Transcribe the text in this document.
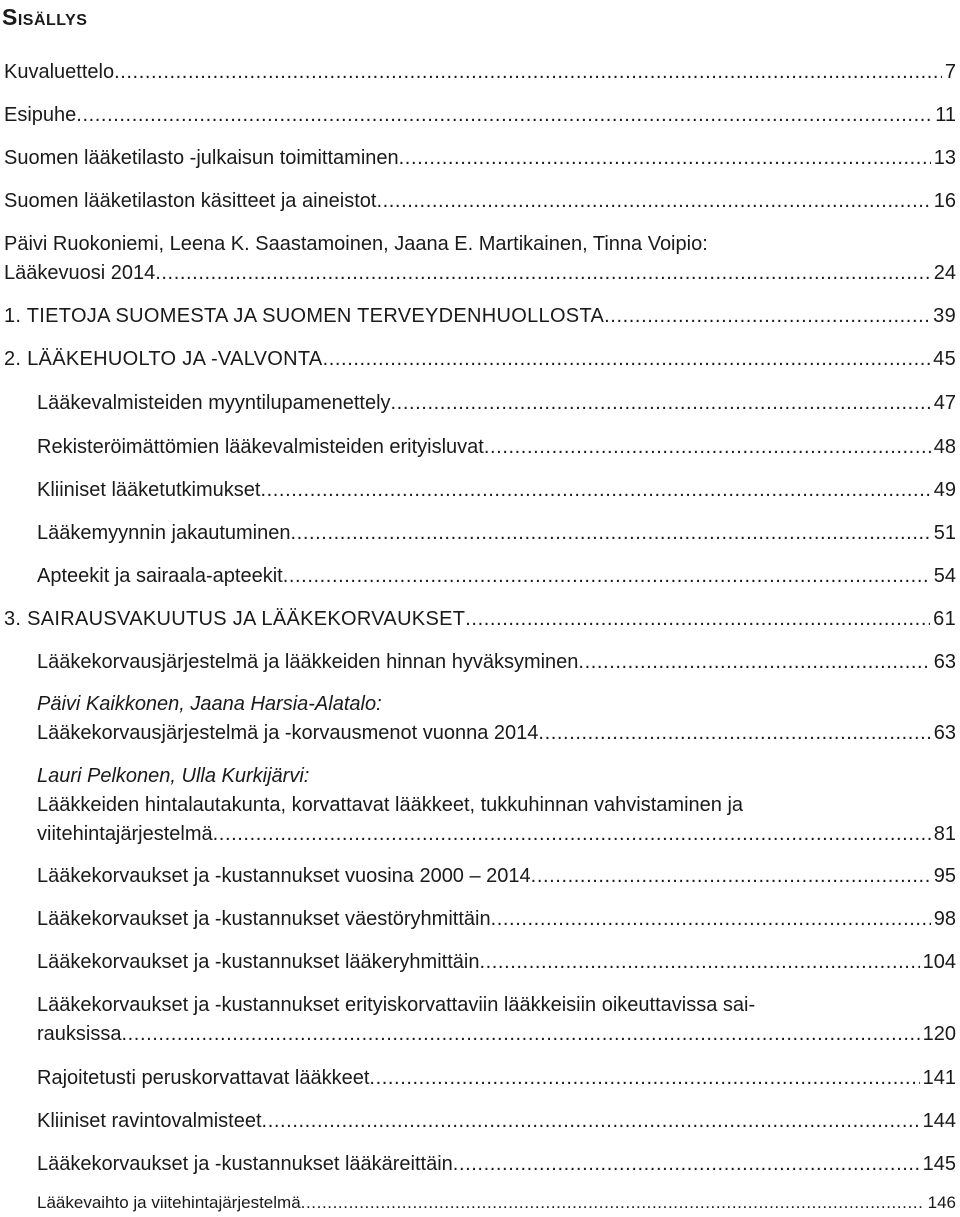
Sisällys
Kuvaluettelo .....	7
Esipuhe .....	11
Suomen lääketilasto -julkaisun toimittaminen .....	13
Suomen lääketilaston käsitteet ja aineistot .....	16
Päivi Ruokoniemi, Leena K. Saastamoinen, Jaana E. Martikainen, Tinna Voipio:
Lääkevuosi 2014 .....	24
1. TIETOJA SUOMESTA JA SUOMEN TERVEYDENHUOLLOSTA .....	39
2. LÄÄKEHUOLTO JA -VALVONTA .....	45
Lääkevalmisteiden myyntilupamenettely .....	47
Rekisteröimättömien lääkevalmisteiden erityisluvat .....	48
Kliiniset lääketutkimukset .....	49
Lääkemyynnin jakautuminen .....	51
Apteekit ja sairaala-apteekit .....	54
3. SAIRAUSVAKUUTUS JA LÄÄKEKORVAUKSET .....	61
Lääkekorvausjärjestelmä ja lääkkeiden hinnan hyväksyminen .....	63
Päivi Kaikkonen, Jaana Harsia-Alatalo:
Lääkekorvausjärjestelmä ja -korvausmenot vuonna 2014 .....	63
Lauri Pelkonen, Ulla Kurkijärvi:
Lääkkeiden hintalautakunta, korvattavat lääkkeet, tukkuhinnan vahvistaminen ja
viitehintajärjestelmä .....	81
Lääkekorvaukset ja -kustannukset vuosina 2000 – 2014 .....	95
Lääkekorvaukset ja -kustannukset väestöryhmittäin .....	98
Lääkekorvaukset ja -kustannukset lääkeryhmittäin .....	104
Lääkekorvaukset ja -kustannukset erityiskorvattaviin lääkkeisiin oikeuttavissa sai-
rauksissa .....	120
Rajoitetusti peruskorvattavat lääkkeet .....	141
Kliiniset ravintovalmisteet .....	144
Lääkekorvaukset ja -kustannukset lääkäreittäin .....	145
Lääkevaihto ja viitehintajärjestelmä .....	146
